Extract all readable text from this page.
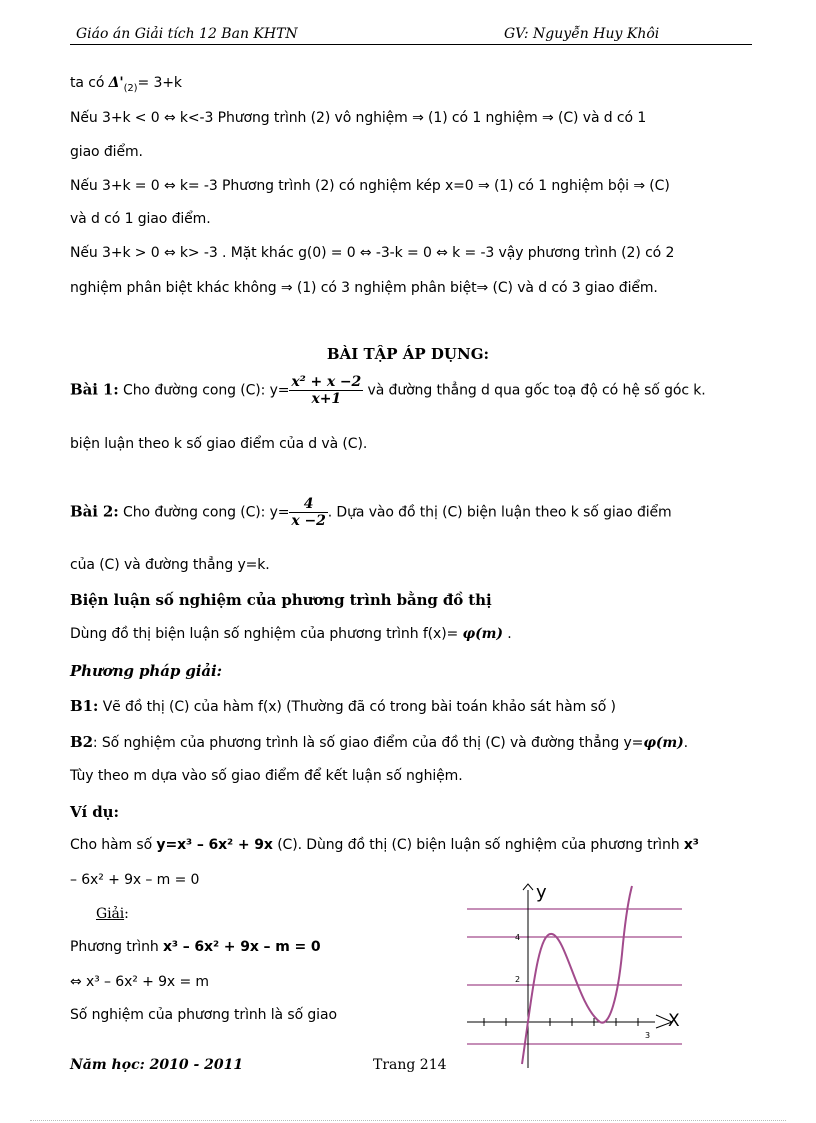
Giáo án Giải tích 12 Ban KHTN	GV: Nguyễn Huy Khôi
ta có $\Delta'_{(2)}= 3+k$
Nếu 3+k < 0 ⇔ k<-3 Phương trình (2) vô nghiệm ⇒ (1) có 1 nghiệm ⇒ (C) và d có 1
giao điểm.
Nếu 3+k = 0 ⇔ k= -3 Phương trình (2) có nghiệm kép x=0 ⇒ (1) có 1 nghiệm bội ⇒ (C)
và d có 1 giao điểm.
Nếu 3+k > 0 ⇔ k> -3 . Mặt khác g(0) = 0 ⇔ -3-k = 0 ⇔ k = -3 vậy phương trình (2) có 2
nghiệm phân biệt khác không ⇒ (1) có 3 nghiệm phân biệt⇒ (C) và d có 3 giao điểm.
BÀI TẬP ÁP DỤNG:
Bài 1: Cho đường cong (C): $y= \frac{\text{x² + x −2}}{x+1}$ và đường thẳng d qua gốc toạ độ có hệ số góc k.
biện luận theo k số giao điểm của d và (C).
Bài 2: Cho đường cong (C): $y= \frac{4}{x -2}$ . Dựa vào đồ thị (C) biện luận theo k số giao điểm
của (C) và đường thẳng y=k.
Biện luận số nghiệm của phương trình bằng đồ thị
Dùng đồ thị biện luận số nghiệm của phương trình f(x)= φ(m) .
Phương pháp giải:
B1: Vẽ đồ thị (C) của hàm f(x) (Thường đã có trong bài toán khảo sát hàm số )
B2: Số nghiệm của phương trình là số giao điểm của đồ thị (C) và đường thẳng y=φ(m).
Tùy theo m dựa vào số giao điểm để kết luận số nghiệm.
Ví dụ:
Cho hàm số y=x³ – 6x² + 9x (C). Dùng đồ thị (C) biện luận số nghiệm của phương trình x³
– 6x² + 9x – m = 0
Giải:
Phương trình x³ – 6x² + 9x – m = 0
⇔ x³ – 6x² + 9x = m
Số nghiệm của phương trình là số giao
y
X
4
2
3
Năm học: 2010 - 2011	Trang 214
